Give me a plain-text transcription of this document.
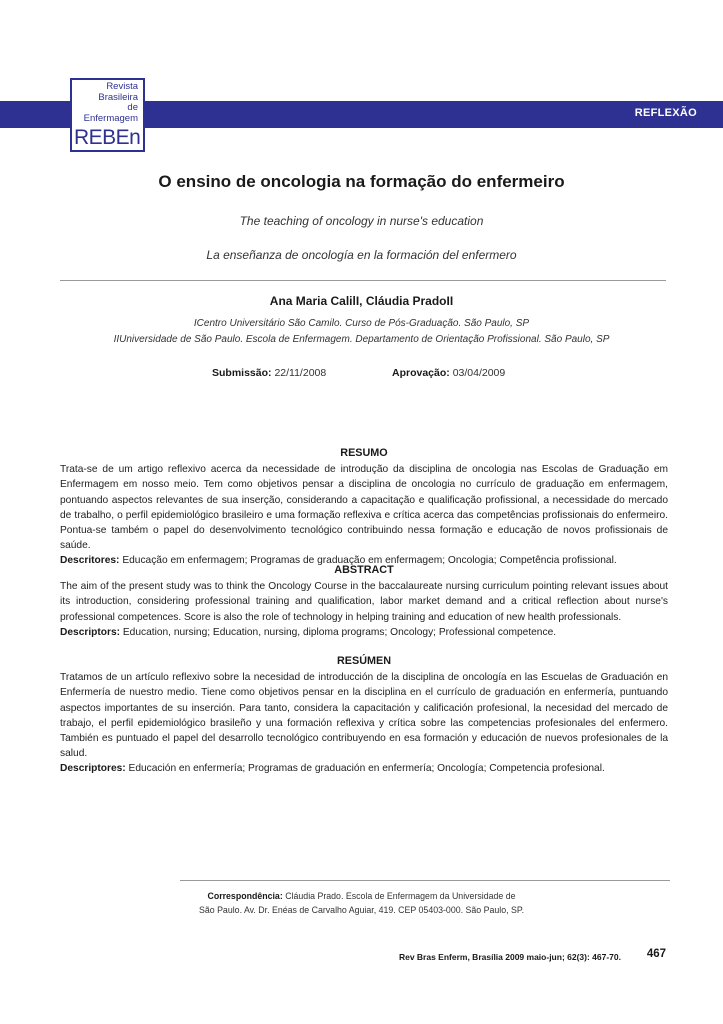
REFLEXÃO
Revista
Brasileira
de Enfermagem
REBEn
O ensino de oncologia na formação do enfermeiro
The teaching of oncology in nurse's education
La enseñanza de oncología en la formación del enfermero
Ana Maria CalilI, Cláudia PradoII
ICentro Universitário São Camilo. Curso de Pós-Graduação. São Paulo, SP
IIUniversidade de São Paulo. Escola de Enfermagem. Departamento de Orientação Profissional. São Paulo, SP
Submissão: 22/11/2008	Aprovação: 03/04/2009
RESUMO
Trata-se de um artigo reflexivo acerca da necessidade de introdução da disciplina de oncologia nas Escolas de Graduação em Enfermagem em nosso meio. Tem como objetivos pensar a disciplina de oncologia no currículo de graduação em enfermagem, pontuando aspectos relevantes de sua inserção, considerando a capacitação e qualificação profissional, a necessidade do mercado de trabalho, o perfil epidemiológico brasileiro e uma formação reflexiva e crítica acerca das competências profissionais do enfermeiro. Pontua-se também o papel do desenvolvimento tecnológico contribuindo nessa formação e educação de novos profissionais de saúde.
Descritores: Educação em enfermagem; Programas de graduação em enfermagem; Oncologia; Competência profissional.
ABSTRACT
The aim of the present study was to think the Oncology Course in the baccalaureate nursing curriculum pointing relevant issues about its introduction, considering professional training and qualification, labor market demand and a critical reflection about nurse's professional competences. Score is also the role of technology in helping training and education of new health professionals.
Descriptors: Education, nursing; Education, nursing, diploma programs; Oncology; Professional competence.
RESÚMEN
Tratamos de un artículo reflexivo sobre la necesidad de introducción de la disciplina de oncología en las Escuelas de Graduación en Enfermería de nuestro medio. Tiene como objetivos pensar en la disciplina en el currículo de graduación en enfermería, puntuando aspectos importantes de su inserción. Para tanto, considera la capacitación y calificación profesional, la necesidad del mercado de trabajo, el perfil epidemiológico brasileño y una formación reflexiva y crítica sobre las competencias profesionales del enfermero. También es puntuado el papel del desarrollo tecnológico contribuyendo en esa formación y educación de nuevos profesionales de la salud.
Descriptores: Educación en enfermería; Programas de graduación en enfermería; Oncología; Competencia profesional.
Correspondência: Cláudia Prado. Escola de Enfermagem da Universidade de
São Paulo. Av. Dr. Enéas de Carvalho Aguiar, 419. CEP 05403-000. São Paulo, SP.
Rev Bras Enferm, Brasília 2009 maio-jun; 62(3): 467-70. 467
